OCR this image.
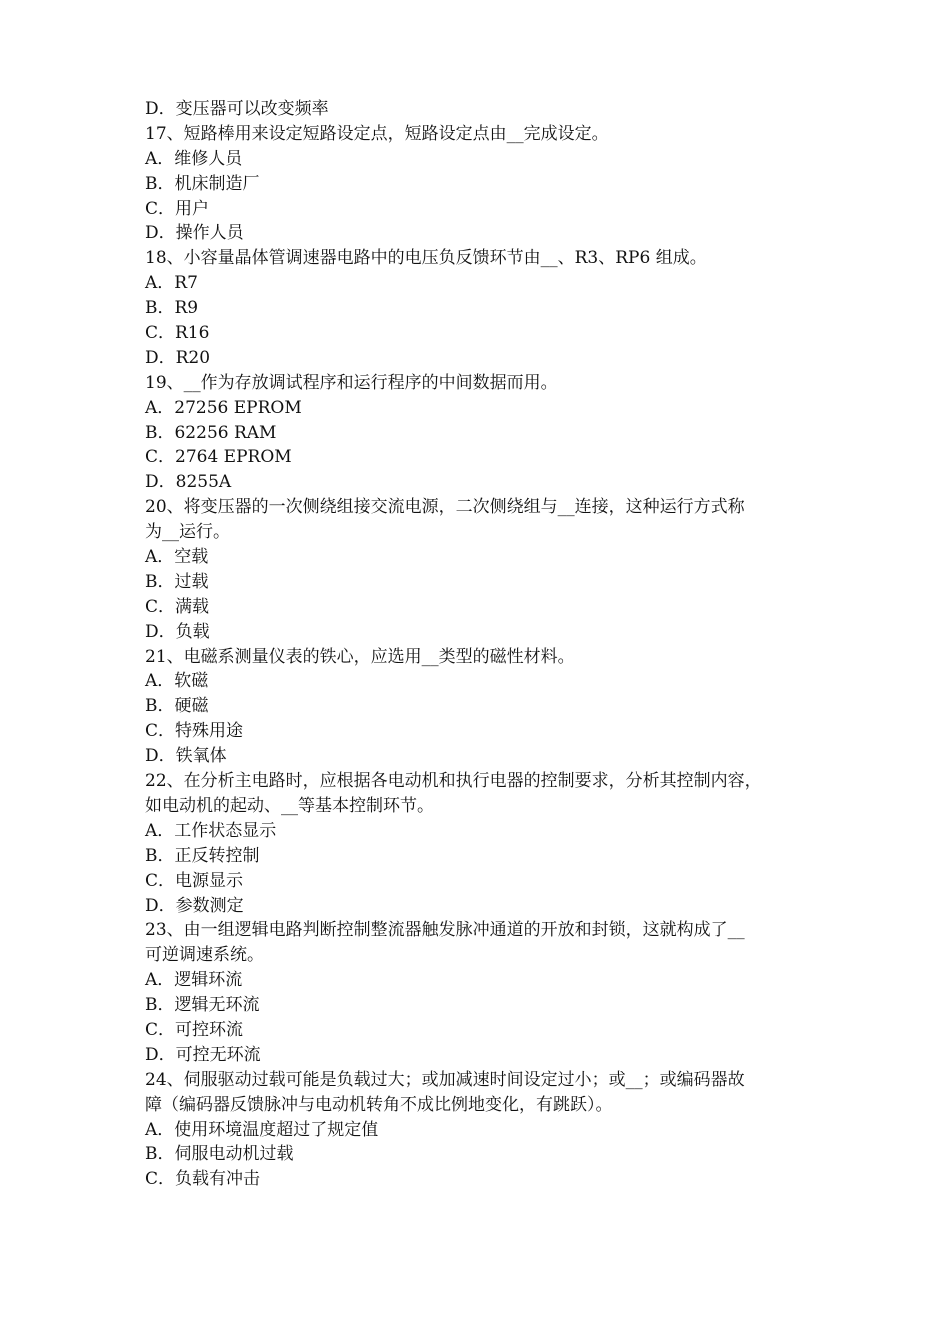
D．变压器可以改变频率
17、短路棒用来设定短路设定点，短路设定点由__完成设定。
A．维修人员
B．机床制造厂
C．用户
D．操作人员
18、小容量晶体管调速器电路中的电压负反馈环节由__、R3、RP6 组成。
A．R7
B．R9
C．R16
D．R20
19、__作为存放调试程序和运行程序的中间数据而用。
A．27256 EPROM
B．62256 RAM
C．2764 EPROM
D．8255A
20、将变压器的一次侧绕组接交流电源，二次侧绕组与__连接，这种运行方式称
为__运行。
A．空载
B．过载
C．满载
D．负载
21、电磁系测量仪表的铁心，应选用__类型的磁性材料。
A．软磁
B．硬磁
C．特殊用途
D．铁氧体
22、在分析主电路时，应根据各电动机和执行电器的控制要求，分析其控制内容，
如电动机的起动、__等基本控制环节。
A．工作状态显示
B．正反转控制
C．电源显示
D．参数测定
23、由一组逻辑电路判断控制整流器触发脉冲通道的开放和封锁，这就构成了__
可逆调速系统。
A．逻辑环流
B．逻辑无环流
C．可控环流
D．可控无环流
24、伺服驱动过载可能是负载过大；或加减速时间设定过小；或__；或编码器故
障（编码器反馈脉冲与电动机转角不成比例地变化，有跳跃）。
A．使用环境温度超过了规定值
B．伺服电动机过载
C．负载有冲击
